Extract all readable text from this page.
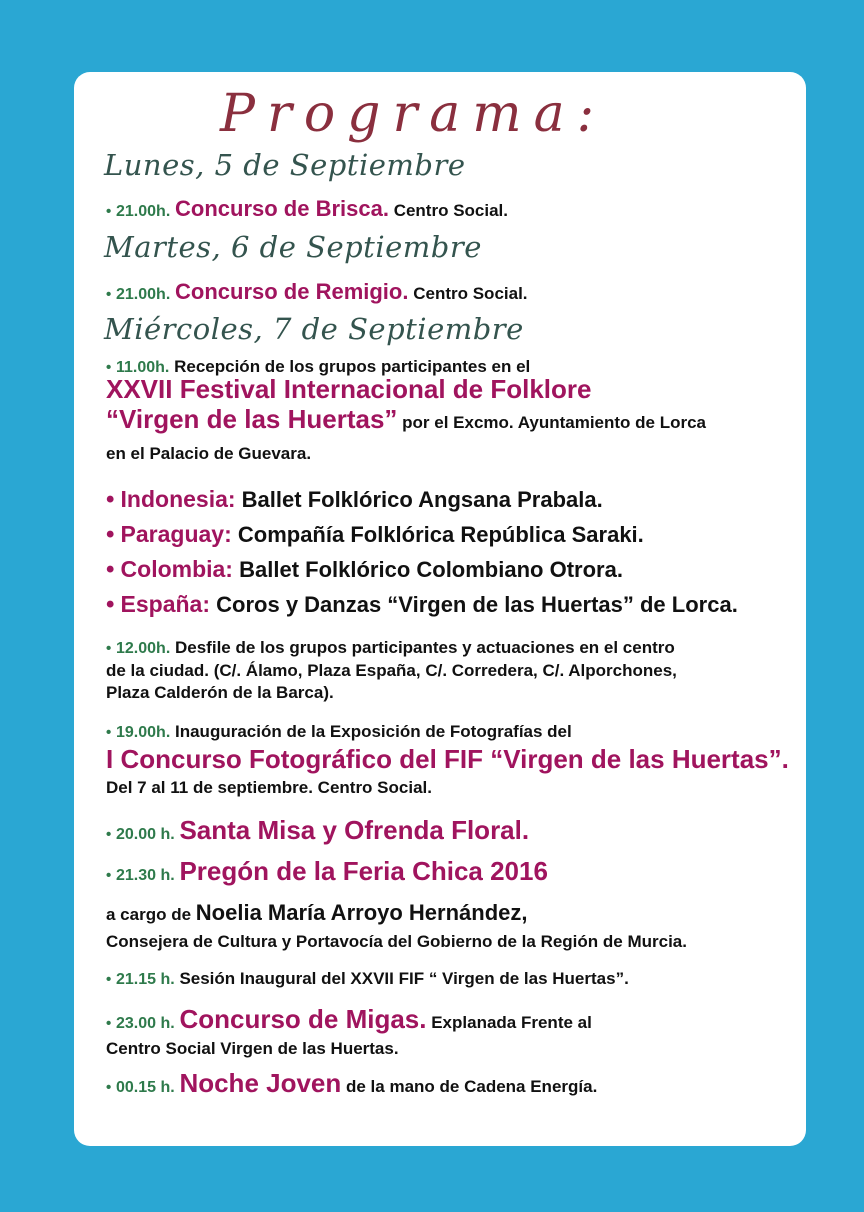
Programa:
Lunes, 5 de Septiembre
• 21.00h. Concurso de Brisca. Centro Social.
Martes, 6 de Septiembre
• 21.00h. Concurso de Remigio. Centro Social.
Miércoles, 7 de Septiembre
• 11.00h. Recepción de los grupos participantes en el
XXVII Festival Internacional de Folklore
“Virgen de las Huertas” por el Excmo. Ayuntamiento de Lorca
en el Palacio de Guevara.
• Indonesia: Ballet Folklórico Angsana Prabala.
• Paraguay: Compañía Folklórica República Saraki.
• Colombia: Ballet Folklórico Colombiano Otrora.
• España: Coros y Danzas “Virgen de las Huertas” de Lorca.
• 12.00h. Desfile de los grupos participantes y actuaciones en el centro
de la ciudad. (C/. Álamo, Plaza España, C/. Corredera, C/. Alporchones,
Plaza Calderón de la Barca).
• 19.00h. Inauguración de la Exposición de Fotografías del
I Concurso Fotográfico del FIF “Virgen de las Huertas”.
Del 7 al 11 de septiembre. Centro Social.
• 20.00 h. Santa Misa y Ofrenda Floral.
• 21.30 h. Pregón de la Feria Chica 2016
a cargo de Noelia María Arroyo Hernández,
Consejera de Cultura y Portavocía del Gobierno de la Región de Murcia.
• 21.15 h. Sesión Inaugural del XXVII FIF “ Virgen de las Huertas”.
• 23.00 h. Concurso de Migas. Explanada Frente al
Centro Social Virgen de las Huertas.
• 00.15 h. Noche Joven de la mano de Cadena Energía.
